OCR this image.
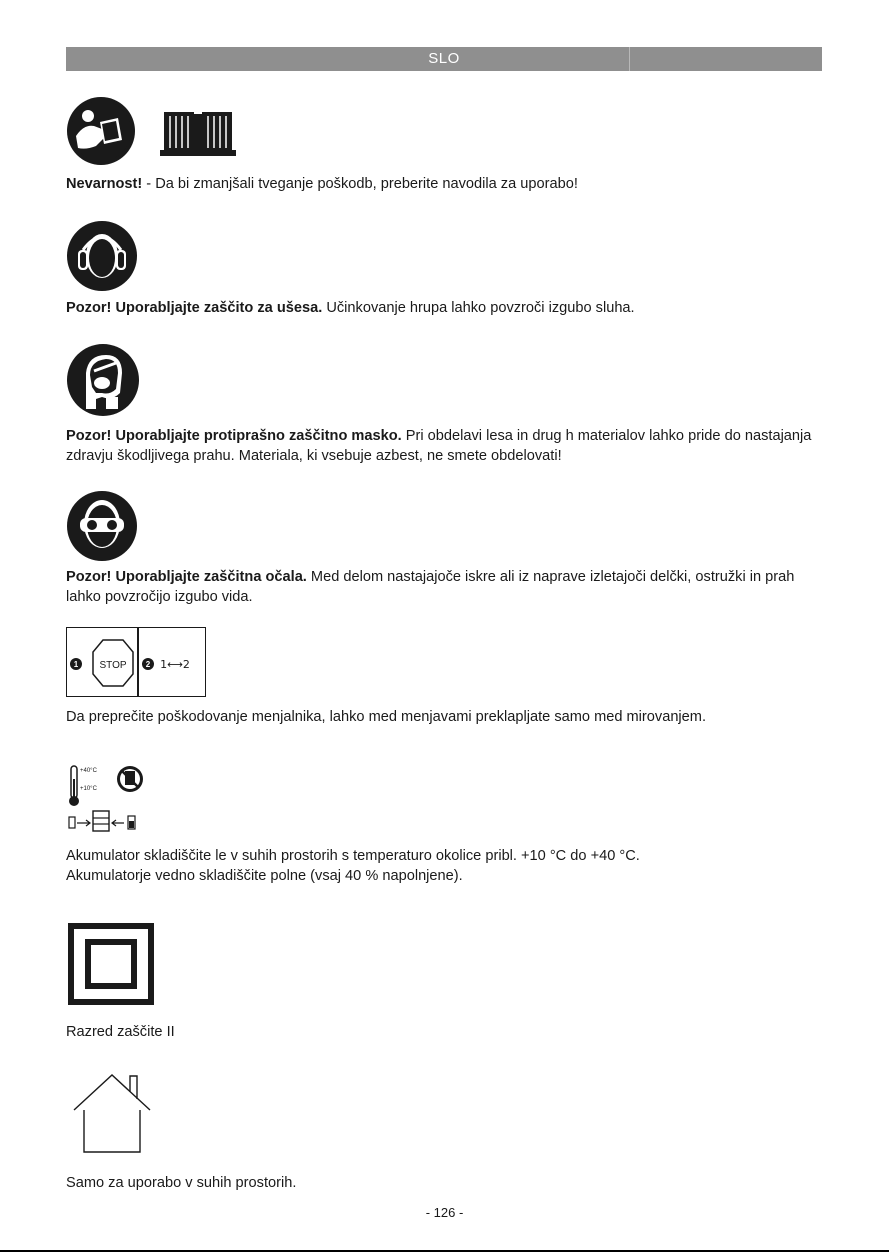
SLO

Nevarnost! - Da bi zmanjšali tveganje poškodb, preberite navodila za uporabo!

Pozor! Uporabljajte zaščito za ušesa. Učinkovanje hrupa lahko povzroči izgubo sluha.

Pozor! Uporabljajte protiprašno zaščitno masko. Pri obdelavi lesa in drug h materialov lahko pride do nastajanja zdravju škodljivega prahu. Materiala, ki vsebuje azbest, ne smete obdelovati!

Pozor! Uporabljajte zaščitna očala. Med delom nastajajoče iskre ali iz naprave izletajoči delčki, ostružki in prah lahko povzročijo izgubo vida.

1 STOP 2 1⟷2

Da preprečite poškodovanje menjalnika, lahko med menjavami preklapljate samo med mirovanjem.

+40°C
+10°C

Akumulator skladiščite le v suhih prostorih s temperaturo okolice pribl. +10 °C do +40 °C.
Akumulatorje vedno skladiščite polne (vsaj 40 % napolnjene).

Razred zaščite II

Samo za uporabo v suhih prostorih.

- 126 -
